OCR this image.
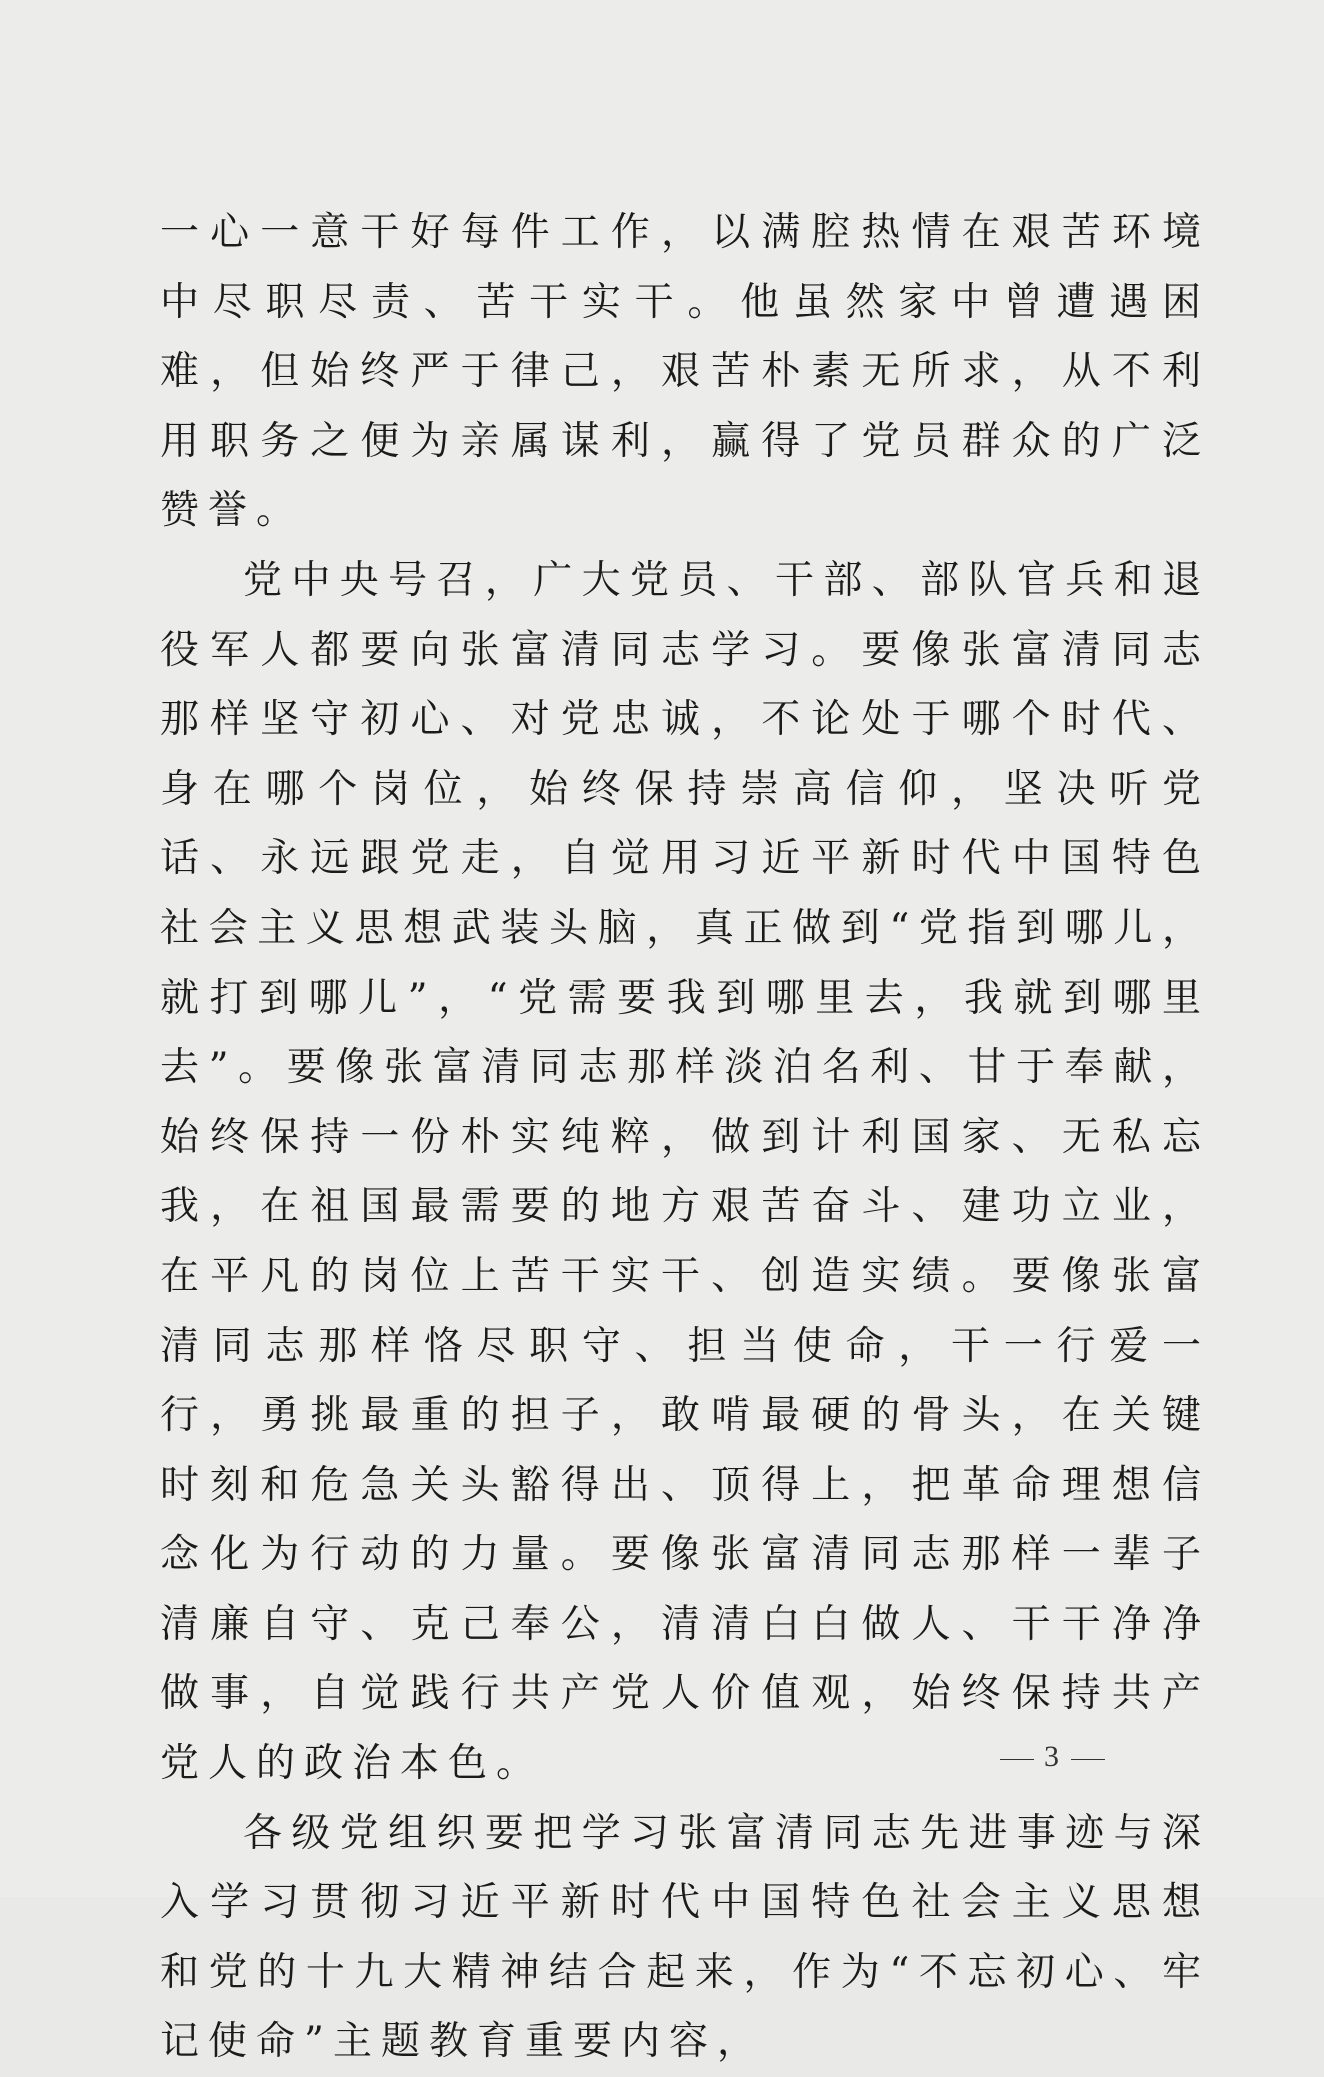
一心一意干好每件工作，以满腔热情在艰苦环境中尽职尽责、苦干实干。他虽然家中曾遭遇困难，但始终严于律己，艰苦朴素无所求，从不利用职务之便为亲属谋利，赢得了党员群众的广泛赞誉。

党中央号召，广大党员、干部、部队官兵和退役军人都要向张富清同志学习。要像张富清同志那样坚守初心、对党忠诚，不论处于哪个时代、身在哪个岗位，始终保持崇高信仰，坚决听党话、永远跟党走，自觉用习近平新时代中国特色社会主义思想武装头脑，真正做到“党指到哪儿，就打到哪儿”，“党需要我到哪里去，我就到哪里去”。要像张富清同志那样淡泊名利、甘于奉献，始终保持一份朴实纯粹，做到计利国家、无私忘我，在祖国最需要的地方艰苦奋斗、建功立业，在平凡的岗位上苦干实干、创造实绩。要像张富清同志那样恪尽职守、担当使命，干一行爱一行，勇挑最重的担子，敢啃最硬的骨头，在关键时刻和危急关头豁得出、顶得上，把革命理想信念化为行动的力量。要像张富清同志那样一辈子清廉自守、克己奉公，清清白白做人、干干净净做事，自觉践行共产党人价值观，始终保持共产党人的政治本色。

各级党组织要把学习张富清同志先进事迹与深入学习贯彻习近平新时代中国特色社会主义思想和党的十九大精神结合起来，作为“不忘初心、牢记使命”主题教育重要内容，

3
